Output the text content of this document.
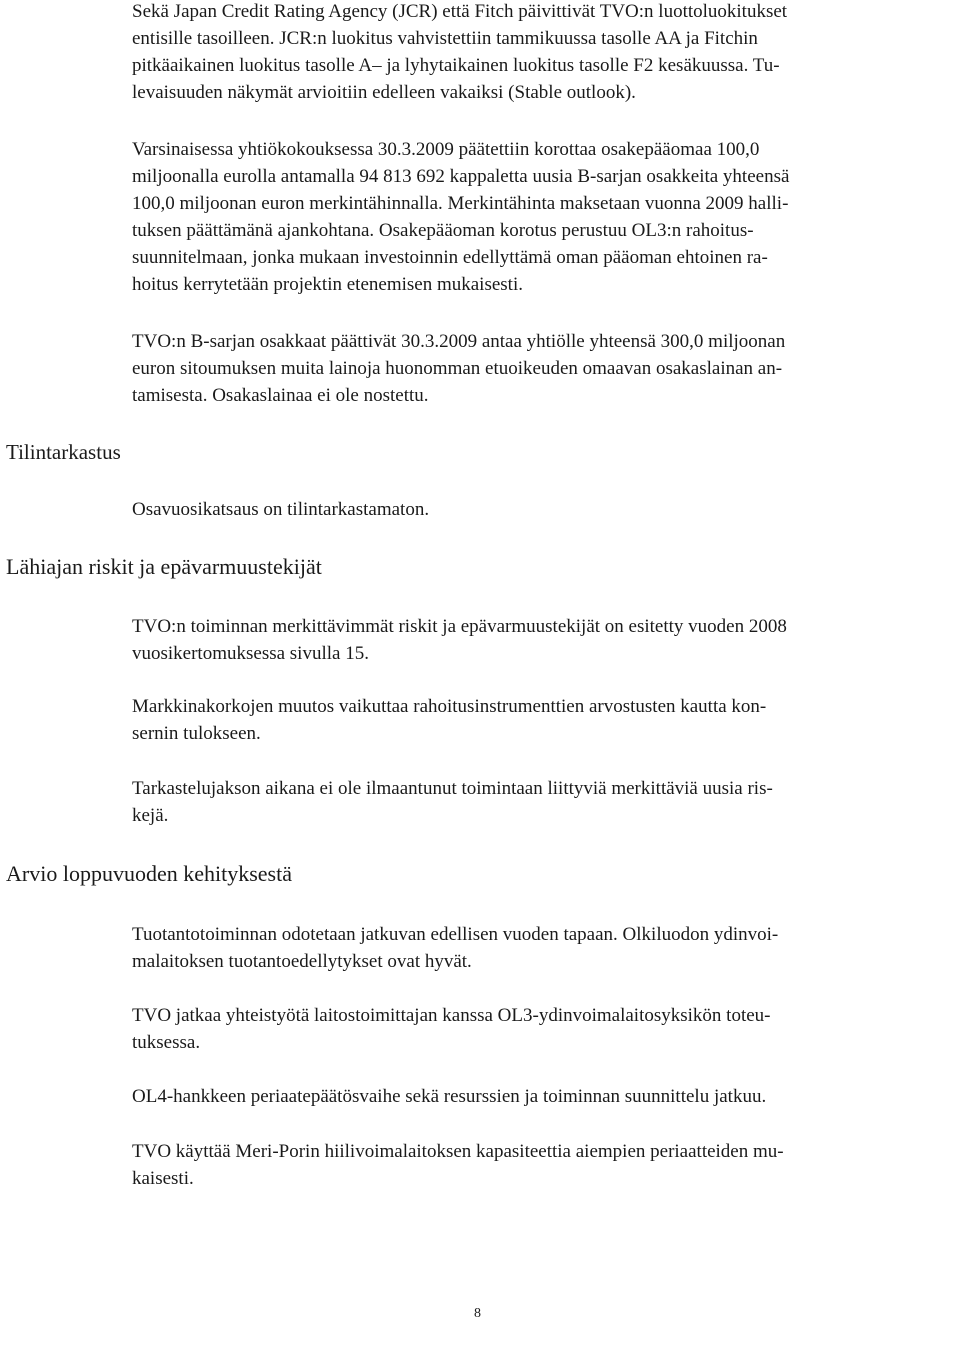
Sekä Japan Credit Rating Agency (JCR) että Fitch päivittivät TVO:n luottoluokitukset
entisille tasoilleen. JCR:n luokitus vahvistettiin tammikuussa tasolle AA ja Fitchin
pitkäaikainen luokitus tasolle A– ja lyhytaikainen luokitus tasolle F2 kesäkuussa. Tu-
levaisuuden näkymät arvioitiin edelleen vakaiksi (Stable outlook).

Varsinaisessa yhtiökokouksessa 30.3.2009 päätettiin korottaa osakepääomaa 100,0
miljoonalla eurolla antamalla 94 813 692 kappaletta uusia B-sarjan osakkeita yhteensä
100,0 miljoonan euron merkintähinnalla. Merkintähinta maksetaan vuonna 2009 halli-
tuksen päättämänä ajankohtana. Osakepääoman korotus perustuu OL3:n rahoitus-
suunnitelmaan, jonka mukaan investoinnin edellyttämä oman pääoman ehtoinen ra-
hoitus kerrytetään projektin etenemisen mukaisesti.

TVO:n B-sarjan osakkaat päättivät 30.3.2009 antaa yhtiölle yhteensä 300,0 miljoonan
euron sitoumuksen muita lainoja huonomman etuoikeuden omaavan osakaslainan an-
tamisesta. Osakaslainaa ei ole nostettu.

Tilintarkastus

Osavuosikatsaus on tilintarkastamaton.

Lähiajan riskit ja epävarmuustekijät

TVO:n toiminnan merkittävimmät riskit ja epävarmuustekijät on esitetty vuoden 2008
vuosikertomuksessa sivulla 15.

Markkinakorkojen muutos vaikuttaa rahoitusinstrumenttien arvostusten kautta kon-
sernin tulokseen.

Tarkastelujakson aikana ei ole ilmaantunut toimintaan liittyviä merkittäviä uusia ris-
kejä.

Arvio loppuvuoden kehityksestä

Tuotantotoiminnan odotetaan jatkuvan edellisen vuoden tapaan. Olkiluodon ydinvoi-
malaitoksen tuotantoedellytykset ovat hyvät.

TVO jatkaa yhteistyötä laitostoimittajan kanssa OL3-ydinvoimalaitosyksikön toteu-
tuksessa.

OL4-hankkeen periaatepäätösvaihe sekä resurssien ja toiminnan suunnittelu jatkuu.

TVO käyttää Meri-Porin hiilivoimalaitoksen kapasiteettia aiempien periaatteiden mu-
kaisesti.

8
